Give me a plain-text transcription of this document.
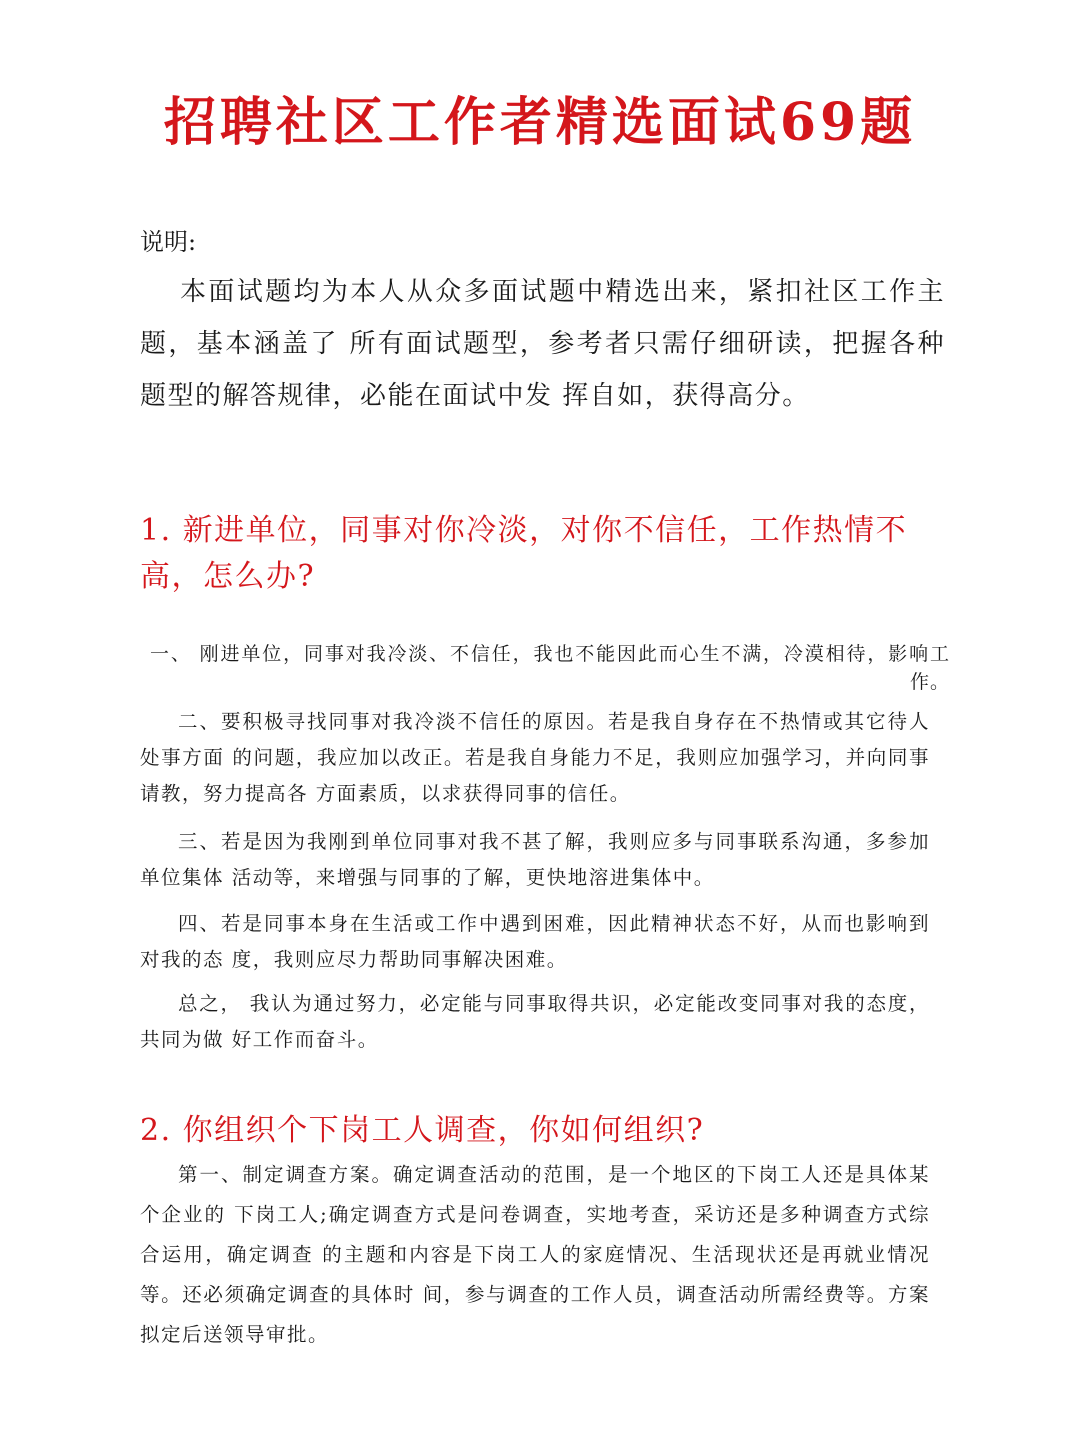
招聘社区工作者精选面试69题
说明:
本面试题均为本人从众多面试题中精选出来，紧扣社区工作主题，基本涵盖了 所有面试题型，参考者只需仔细研读，把握各种题型的解答规律，必能在面试中发 挥自如，获得高分。
1. 新进单位，同事对你冷淡，对你不信任，工作热情不高，怎么办?
一、 刚进单位，同事对我冷淡、不信任，我也不能因此而心生不满，冷漠相待，影响工作。
二、要积极寻找同事对我冷淡不信任的原因。若是我自身存在不热情或其它待人处事方面 的问题，我应加以改正。若是我自身能力不足，我则应加强学习，并向同事请教，努力提高各 方面素质，以求获得同事的信任。
三、若是因为我刚到单位同事对我不甚了解，我则应多与同事联系沟通，多参加单位集体 活动等，来增强与同事的了解，更快地溶进集体中。
四、若是同事本身在生活或工作中遇到困难，因此精神状态不好，从而也影响到对我的态 度，我则应尽力帮助同事解决困难。
总之， 我认为通过努力，必定能与同事取得共识，必定能改变同事对我的态度，共同为做 好工作而奋斗。
2. 你组织个下岗工人调查，你如何组织?
第一、制定调查方案。确定调查活动的范围，是一个地区的下岗工人还是具体某个企业的 下岗工人;确定调查方式是问卷调查，实地考查，采访还是多种调查方式综合运用，确定调查 的主题和内容是下岗工人的家庭情况、生活现状还是再就业情况等。还必须确定调查的具体时 间，参与调查的工作人员，调查活动所需经费等。方案拟定后送领导审批。
